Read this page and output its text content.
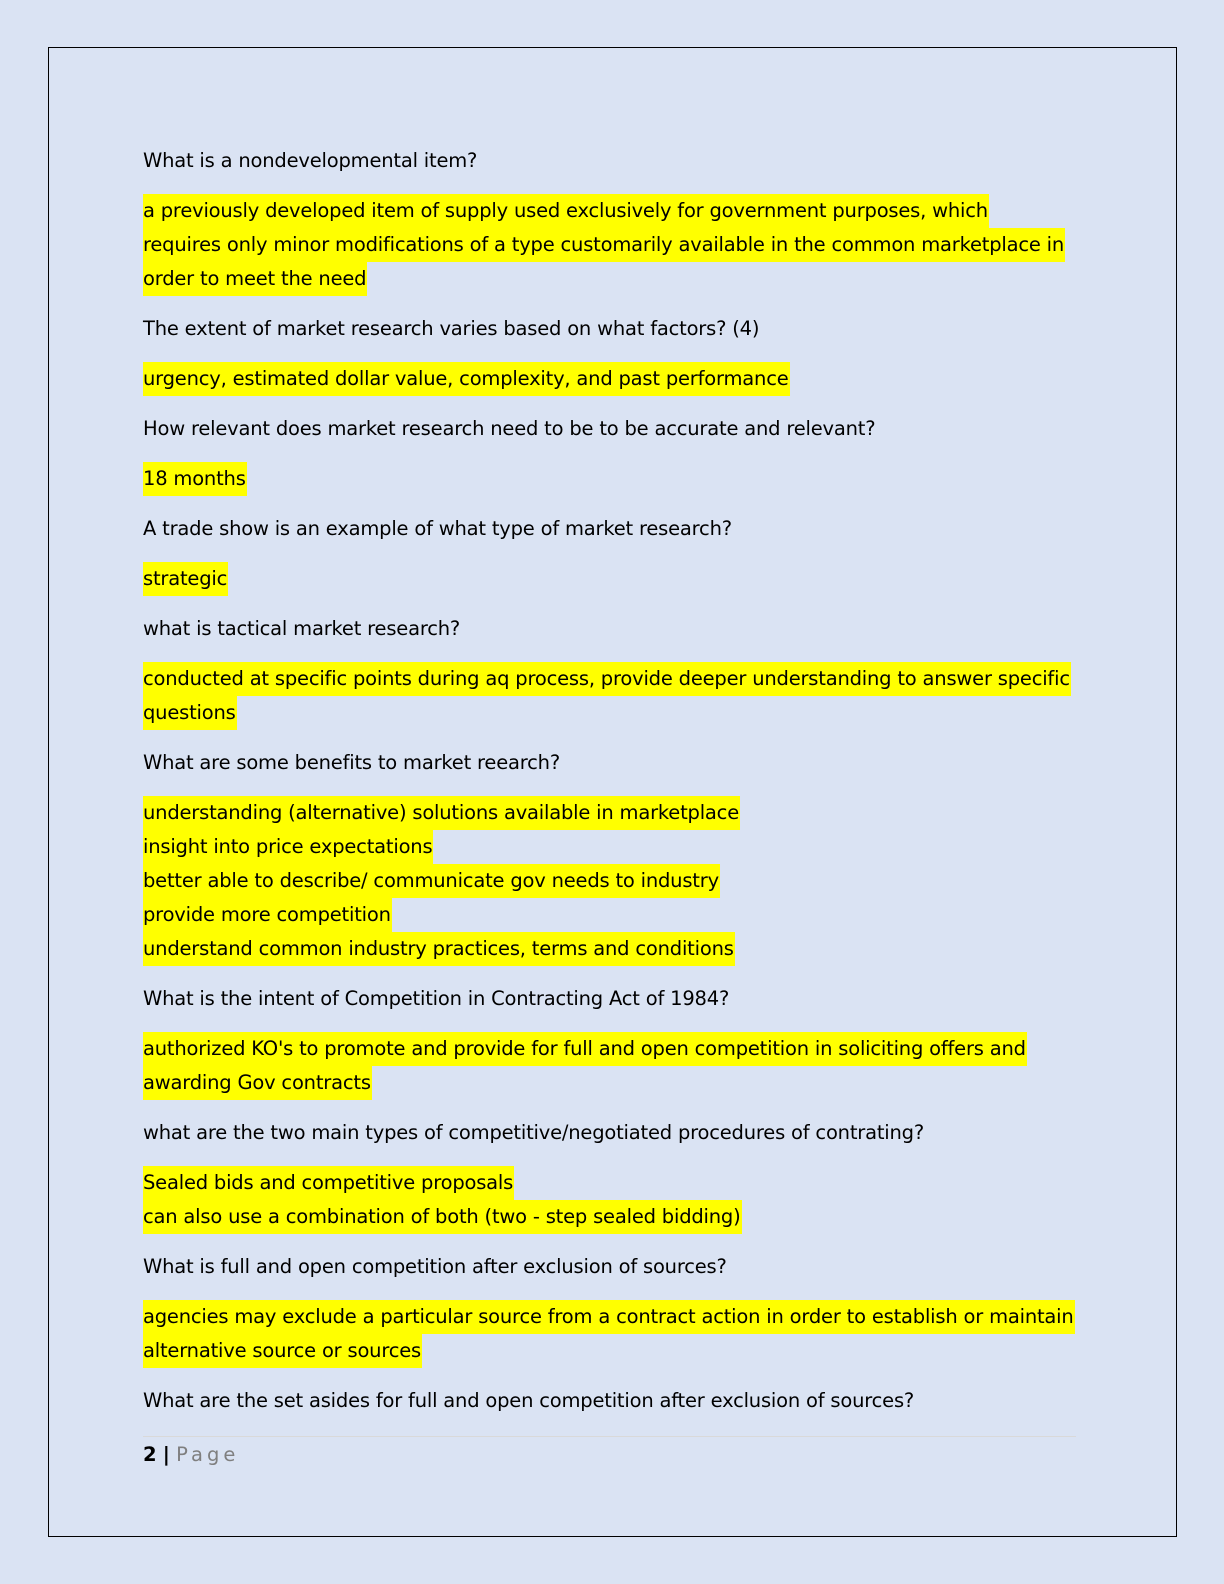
What is a nondevelopmental item?
a previously developed item of supply used exclusively for government purposes, which
requires only minor modifications of a type customarily available in the common marketplace in
order to meet the need
The extent of market research varies based on what factors? (4)
urgency, estimated dollar value, complexity, and past performance
How relevant does market research need to be to be accurate and relevant?
18 months
A trade show is an example of what type of market research?
strategic
what is tactical market research?
conducted at specific points during aq process, provide deeper understanding to answer specific
questions
What are some benefits to market reearch?
understanding (alternative) solutions available in marketplace
insight into price expectations
better able to describe/ communicate gov needs to industry
provide more competition
understand common industry practices, terms and conditions
What is the intent of Competition in Contracting Act of 1984?
authorized KO's to promote and provide for full and open competition in soliciting offers and
awarding Gov contracts
what are the two main types of competitive/negotiated procedures of contrating?
Sealed bids and competitive proposals
can also use a combination of both (two - step sealed bidding)
What is full and open competition after exclusion of sources?
agencies may exclude a particular source from a contract action in order to establish or maintain
alternative source or sources
What are the set asides for full and open competition after exclusion of sources?
2 | Page
